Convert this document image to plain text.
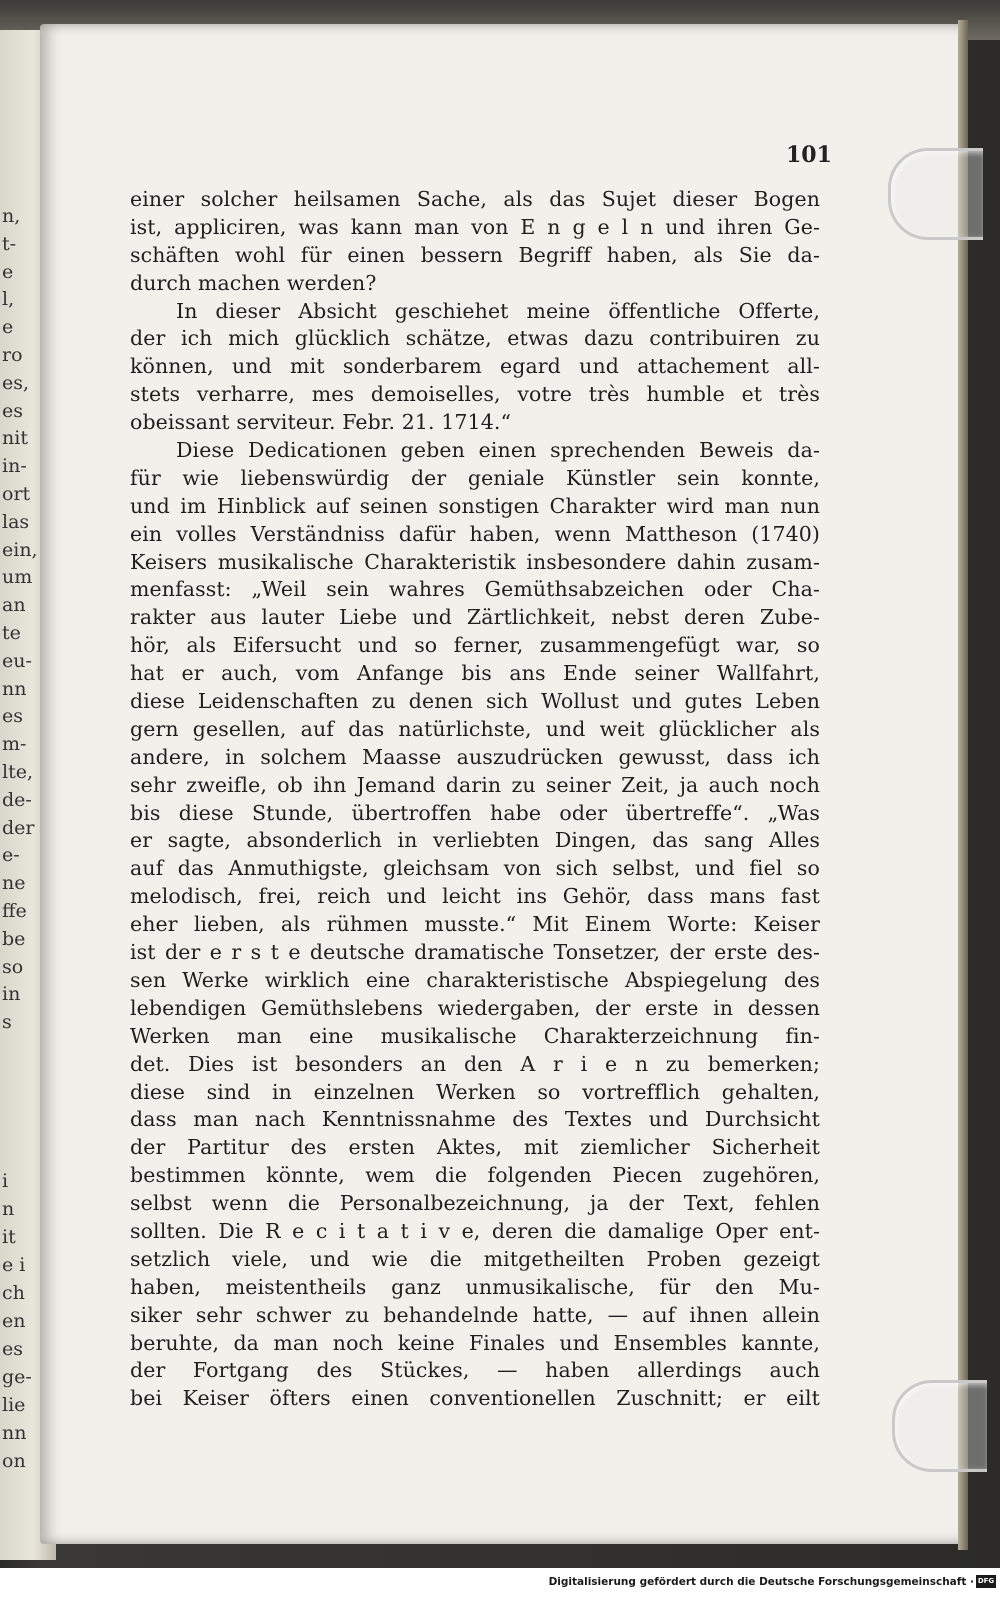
n,
t-
e
l,
e
ro
es,
es
nit
in-
ort
las
ein,
um
an
te
eu-
nn
es
m-
lte,
de-
der
e-
ne
ffe
be
so
in
s
i
n
it
e i
ch
en
es
ge-
lie
nn
on
101
einer solcher heilsamen Sache, als das Sujet dieser Bogen
ist, appliciren, was kann man von E n g e l n und ihren Ge-
schäften wohl für einen bessern Begriff haben, als Sie da-
durch machen werden?
In dieser Absicht geschiehet meine öffentliche Offerte,
der ich mich glücklich schätze, etwas dazu contribuiren zu
können, und mit sonderbarem egard und attachement all-
stets verharre, mes demoiselles, votre très humble et très
obeissant serviteur. Febr. 21. 1714.“
Diese Dedicationen geben einen sprechenden Beweis da-
für wie liebenswürdig der geniale Künstler sein konnte,
und im Hinblick auf seinen sonstigen Charakter wird man nun
ein volles Verständniss dafür haben, wenn Mattheson (1740)
Keisers musikalische Charakteristik insbesondere dahin zusam-
menfasst: „Weil sein wahres Gemüthsabzeichen oder Cha-
rakter aus lauter Liebe und Zärtlichkeit, nebst deren Zube-
hör, als Eifersucht und so ferner, zusammengefügt war, so
hat er auch, vom Anfange bis ans Ende seiner Wallfahrt,
diese Leidenschaften zu denen sich Wollust und gutes Leben
gern gesellen, auf das natürlichste, und weit glücklicher als
andere, in solchem Maasse auszudrücken gewusst, dass ich
sehr zweifle, ob ihn Jemand darin zu seiner Zeit, ja auch noch
bis diese Stunde, übertroffen habe oder übertreffe“. „Was
er sagte, absonderlich in verliebten Dingen, das sang Alles
auf das Anmuthigste, gleichsam von sich selbst, und fiel so
melodisch, frei, reich und leicht ins Gehör, dass mans fast
eher lieben, als rühmen musste.“ Mit Einem Worte: Keiser
ist der e r s t e deutsche dramatische Tonsetzer, der erste des-
sen Werke wirklich eine charakteristische Abspiegelung des
lebendigen Gemüthslebens wiedergaben, der erste in dessen
Werken man eine musikalische Charakterzeichnung fin-
det. Dies ist besonders an den A r i e n zu bemerken;
diese sind in einzelnen Werken so vortrefflich gehalten,
dass man nach Kenntnissnahme des Textes und Durchsicht
der Partitur des ersten Aktes, mit ziemlicher Sicherheit
bestimmen könnte, wem die folgenden Piecen zugehören,
selbst wenn die Personalbezeichnung, ja der Text, fehlen
sollten. Die R e c i t a t i v e, deren die damalige Oper ent-
setzlich viele, und wie die mitgetheilten Proben gezeigt
haben, meistentheils ganz unmusikalische, für den Mu-
siker sehr schwer zu behandelnde hatte, — auf ihnen allein
beruhte, da man noch keine Finales und Ensembles kannte,
der Fortgang des Stückes, — haben allerdings auch
bei Keiser öfters einen conventionellen Zuschnitt; er eilt
Digitalisierung gefördert durch die Deutsche Forschungsgemeinschaft · DFG
